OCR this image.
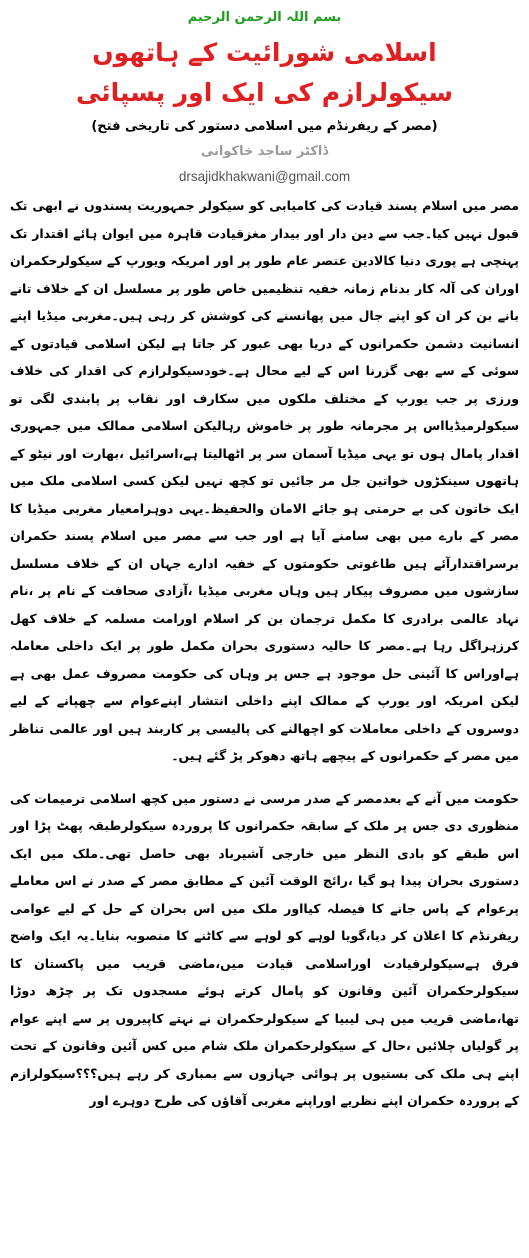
بسم اللہ الرحمن الرحیم
اسلامی شورائیت کے ہاتھوں
سیکولرازم کی ایک اور پسپائی
(مصر کے ریفرنڈم میں اسلامی دستور کی تاریخی فتح)
ڈاکٹر ساجد خاکوانی
drsajidkhakwani@gmail.com

مصر میں اسلام پسند قیادت کی کامیابی کو سیکولر جمہوریت پسندوں نے ابھی تک قبول نہیں کیا۔جب سے دین دار اور بیدار مغزقیادت قاہرہ میں ایوان ہائے اقتدار تک پہنچی ہے پوری دنیا کالادین عنصر عام طور پر اور امریکہ ویورپ کے سیکولرحکمران اوران کی آلہ کار بدنام زمانہ خفیہ تنظیمیں خاص طور پر مسلسل ان کے خلاف تانے بانے بن کر ان کو اپنے جال میں پھانسنے کی کوشش کر رہی ہیں۔مغربی میڈیا اپنے انسانیت دشمن حکمرانوں کے دریا بھی عبور کر جاتا ہے لیکن اسلامی قیادتوں کے سوئی کے سے بھی گزرنا اس کے لیے محال ہے۔خودسیکولرازم کی اقدار کی خلاف ورزی پر جب یورپ کے مختلف ملکوں میں سکارف اور نقاب پر پابندی لگی تو سیکولرمیڈیااس پر مجرمانہ طور پر خاموش رہالیکن اسلامی ممالک میں جمہوری اقدار پامال ہوں تو یہی میڈیا آسمان سر پر اٹھالیتا ہے،اسرائیل ،بھارت اور نیٹو کے ہاتھوں سینکڑوں خواتین جل مر جائیں تو کچھ نہیں لیکن کسی اسلامی ملک میں ایک خاتون کی بے حرمتی ہو جائے الامان والحفیظ۔یہی دوہرامعیار مغربی میڈیا کا مصر کے بارے میں بھی سامنے آیا ہے اور جب سے مصر میں اسلام پسند حکمران برسراقتدارآئے ہیں طاغوتی حکومتوں کے خفیہ ادارے جہاں ان کے خلاف مسلسل سازشوں میں مصروف پیکار ہیں وہاں مغربی میڈیا ،آزادی صحافت کے نام پر ،نام نہاد عالمی برادری کا مکمل ترجمان بن کر اسلام اورامت مسلمہ کے خلاف کھل کرزہراگل رہا ہے۔مصر کا حالیہ دستوری بحران مکمل طور پر ایک داخلی معاملہ ہےاوراس کا آئینی حل موجود ہے جس پر وہاں کی حکومت مصروف عمل بھی ہے لیکن امریکہ اور یورپ کے ممالک اپنے داخلی انتشار اپنےعوام سے چھپانے کے لیے دوسروں کے داخلی معاملات کو اچھالنے کی پالیسی پر کاربند ہیں اور عالمی تناظر میں مصر کے حکمرانوں کے پیچھے ہاتھ دھوکر پڑ گئے ہیں۔

حکومت میں آنے کے بعدمصر کے صدر مرسی نے دستور میں کچھ اسلامی ترمیمات کی منظوری دی جس پر ملک کے سابقہ حکمرانوں کا پروردہ سیکولرطبقہ پھٹ پڑا اور اس طبقے کو بادی النظر میں خارجی آشیرباد بھی حاصل تھی۔ملک میں ایک دستوری بحران پیدا ہو گیا ،رائج الوقت آئین کے مطابق مصر کے صدر نے اس معاملے پرعوام کے پاس جانے کا فیصلہ کیااور ملک میں اس بحران کے حل کے لیے عوامی ریفرنڈم کا اعلان کر دیا،گویا لوہے کو لوہے سے کاٹنے کا منصوبہ بنایا۔یہ ایک واضح فرق ہےسیکولرقیادت اوراسلامی قیادت میں،ماضی قریب میں پاکستان کا سیکولرحکمران آئین وقانون کو پامال کرتے ہوئے مسجدوں تک پر چڑھ دوڑا تھا،ماضی قریب میں ہی لیبیا کے سیکولرحکمران نے نہتے کاپیروں پر سے اپنے عوام پر گولیاں چلائیں ،حال کے سیکولرحکمران ملک شام میں کس آئین وقانون کے تحت اپنے ہی ملک کی بستیوں پر ہوائی جہازوں سے بمباری کر رہے ہیں؟؟؟سیکولرازم کے پروردہ حکمران اپنے نظریے اوراپنے مغربی آقاؤں کی طرح دوہرے اور
